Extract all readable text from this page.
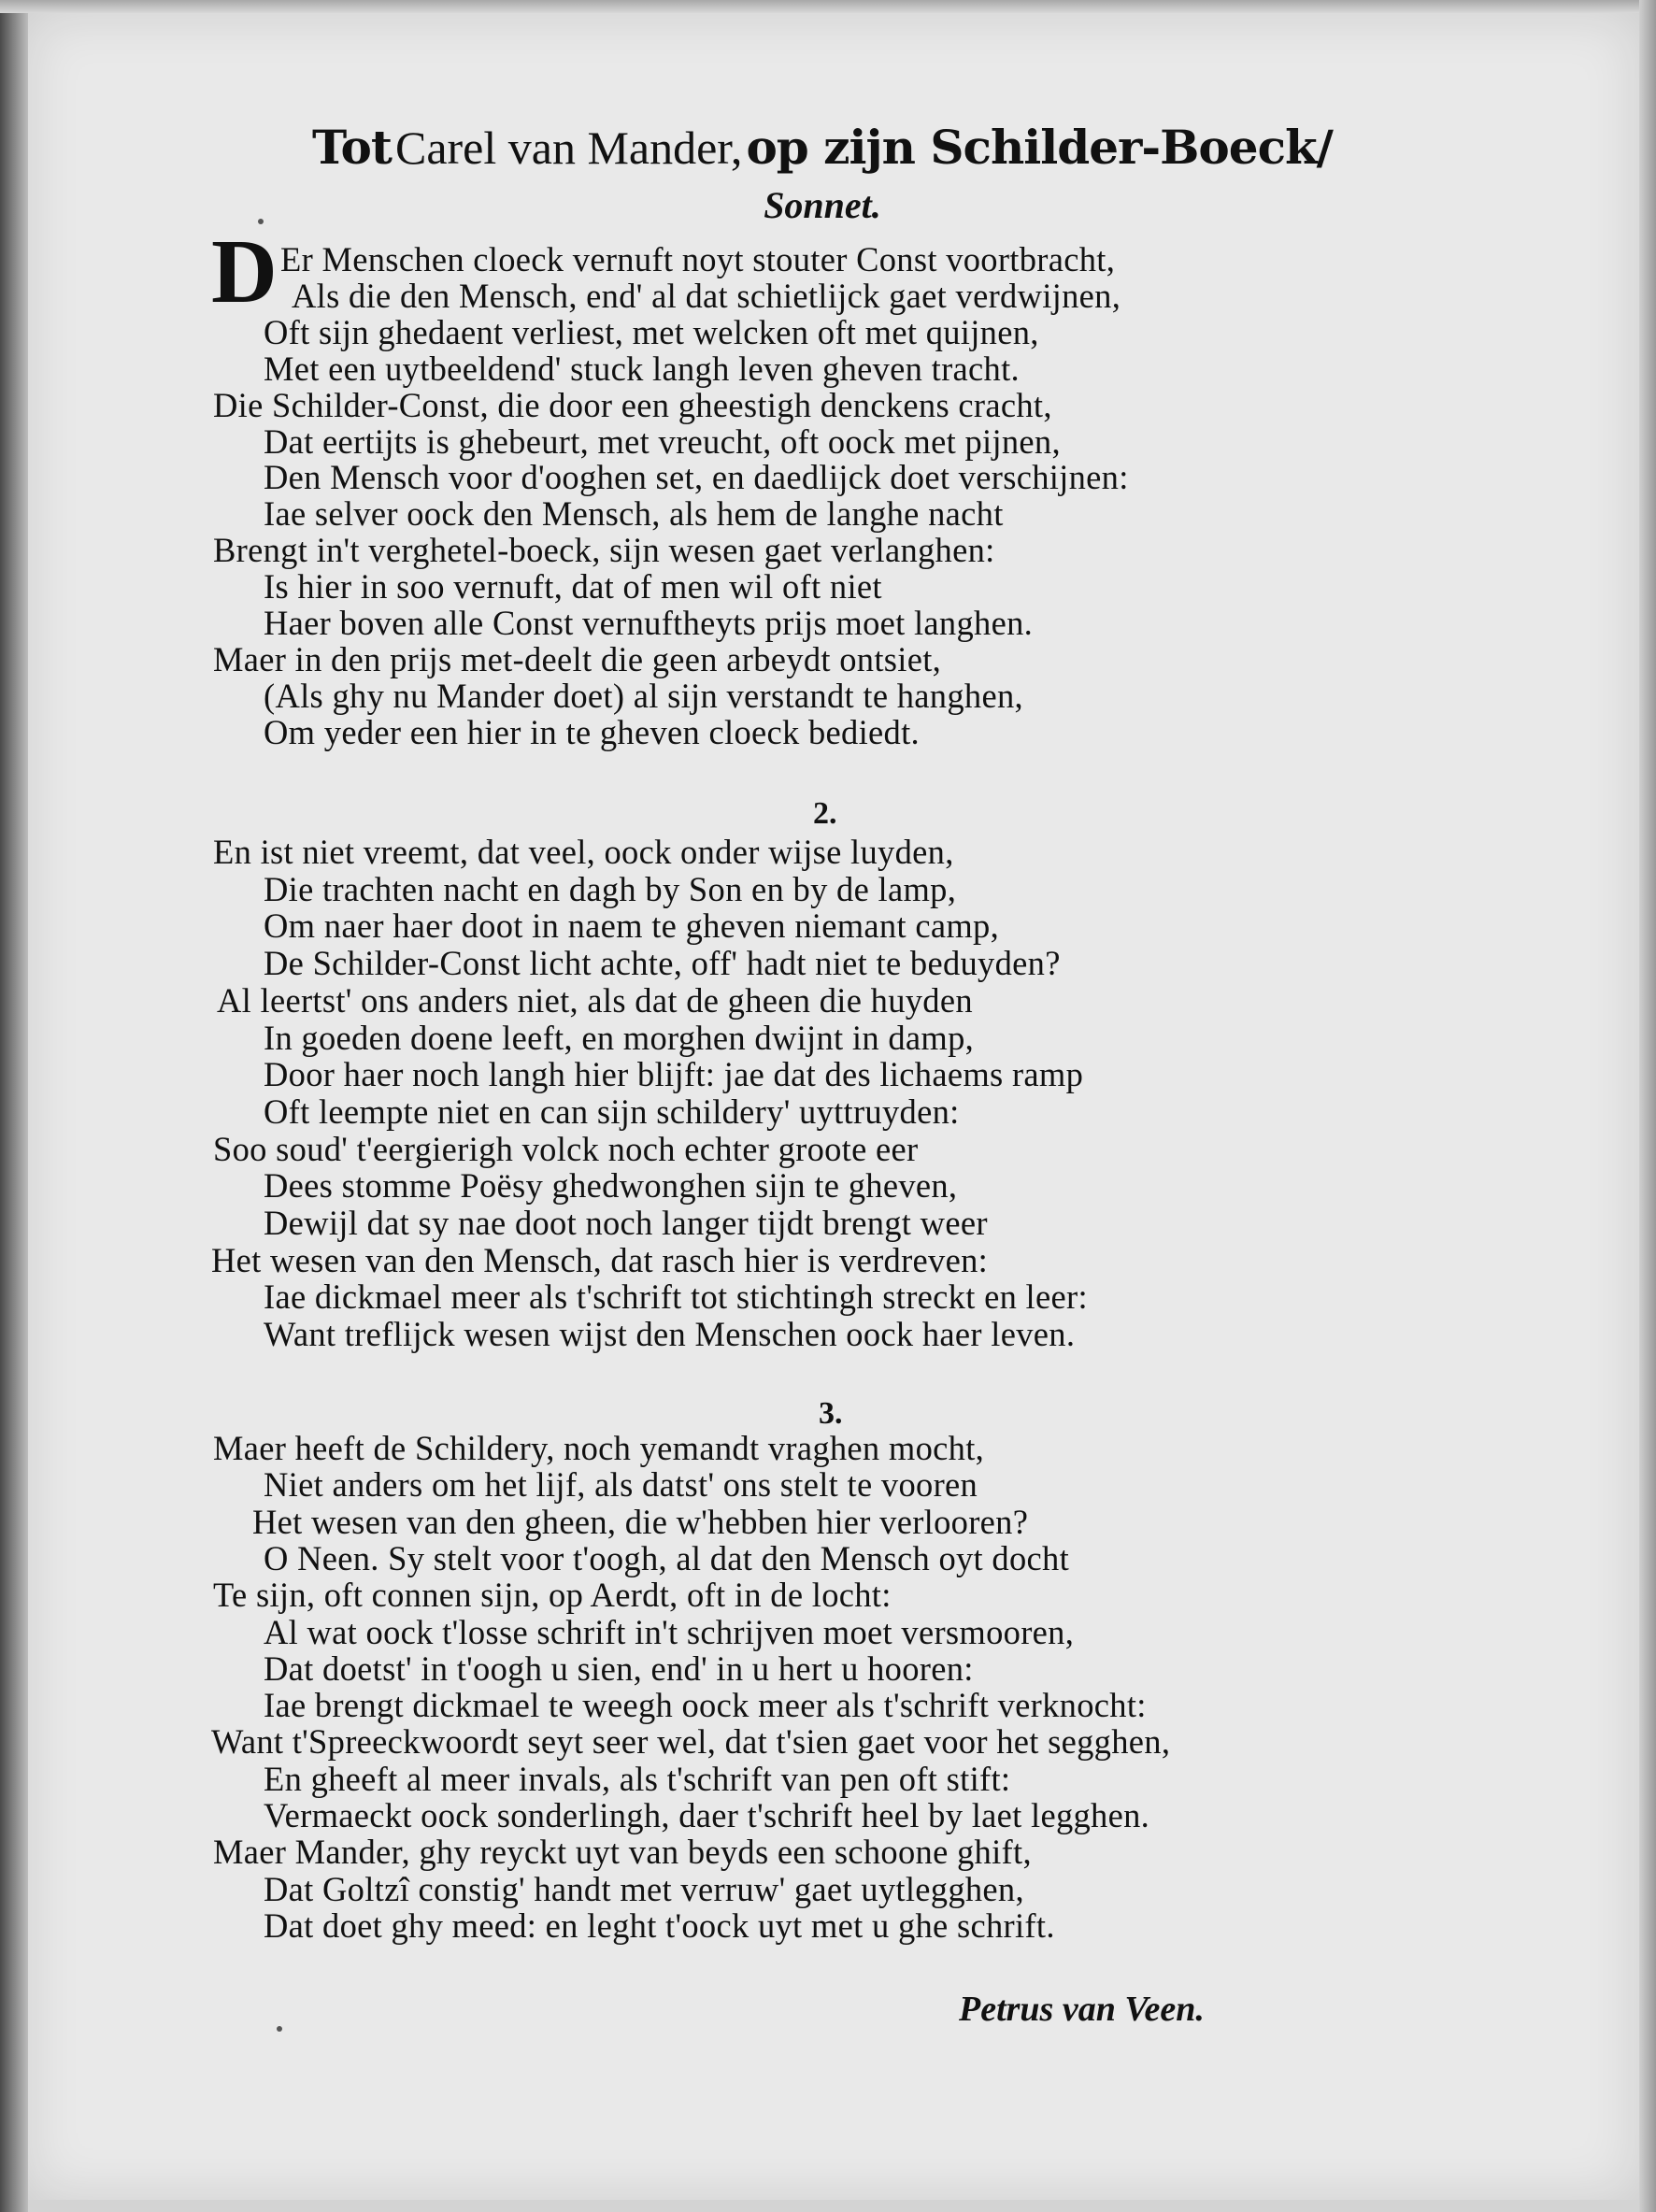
Tot Carel van Mander, op zijn Schilder-Boeck/
Sonnet.
D Er Menschen cloeck vernuft noyt stouter Const voortbracht,
Als die den Mensch, end' al dat schietlijck gaet verdwijnen,
Oft sijn ghedaent verliest, met welcken oft met quijnen,
Met een uytbeeldend' stuck langh leven gheven tracht.
Die Schilder-Const, die door een gheestigh denckens cracht,
Dat eertijts is ghebeurt, met vreucht, oft oock met pijnen,
Den Mensch voor d'ooghen set, en daedlijck doet verschijnen:
Iae selver oock den Mensch, als hem de langhe nacht
Brengt in't verghetel-boeck, sijn wesen gaet verlanghen:
Is hier in soo vernuft, dat of men wil oft niet
Haer boven alle Const vernuftheyts prijs moet langhen.
Maer in den prijs met-deelt die geen arbeydt ontsiet,
(Als ghy nu Mander doet) al sijn verstandt te hanghen,
Om yeder een hier in te gheven cloeck bediedt.
2.
En ist niet vreemt, dat veel, oock onder wijse luyden,
Die trachten nacht en dagh by Son en by de lamp,
Om naer haer doot in naem te gheven niemant camp,
De Schilder-Const licht achte, off' hadt niet te beduyden?
Al leertst' ons anders niet, als dat de gheen die huyden
In goeden doene leeft, en morghen dwijnt in damp,
Door haer noch langh hier blijft: jae dat des lichaems ramp
Oft leempte niet en can sijn schildery' uyttruyden:
Soo soud' t'eergierigh volck noch echter groote eer
Dees stomme Poësy ghedwonghen sijn te gheven,
Dewijl dat sy nae doot noch langer tijdt brengt weer
Het wesen van den Mensch, dat rasch hier is verdreven:
Iae dickmael meer als t'schrift tot stichtingh streckt en leer:
Want treflijck wesen wijst den Menschen oock haer leven.
3.
Maer heeft de Schildery, noch yemandt vraghen mocht,
Niet anders om het lijf, als datst' ons stelt te vooren
Het wesen van den gheen, die w'hebben hier verlooren?
O Neen. Sy stelt voor t'oogh, al dat den Mensch oyt docht
Te sijn, oft connen sijn, op Aerdt, oft in de locht:
Al wat oock t'losse schrift in't schrijven moet versmooren,
Dat doetst' in t'oogh u sien, end' in u hert u hooren:
Iae brengt dickmael te weegh oock meer als t'schrift verknocht:
Want t'Spreeckwoordt seyt seer wel, dat t'sien gaet voor het segghen,
En gheeft al meer invals, als t'schrift van pen oft stift:
Vermaeckt oock sonderlingh, daer t'schrift heel by laet legghen.
Maer Mander, ghy reyckt uyt van beyds een schoone ghift,
Dat Goltzî constig' handt met verruw' gaet uytlegghen,
Dat doet ghy meed: en leght t'oock uyt met u ghe schrift.
Petrus van Veen.
